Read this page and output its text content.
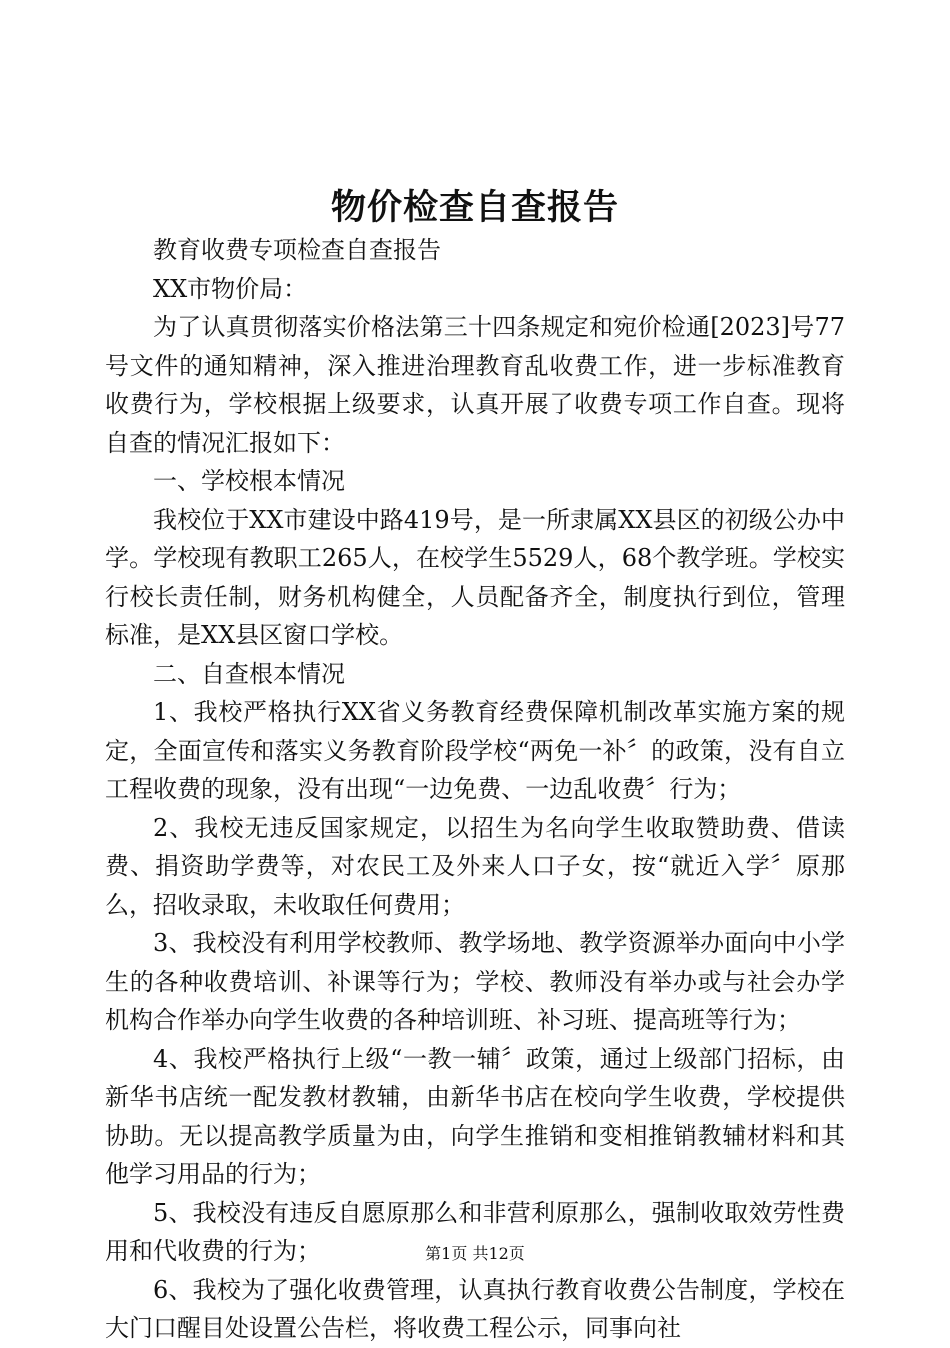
物价检查自查报告

教育收费专项检查自查报告

XX市物价局：

为了认真贯彻落实价格法第三十四条规定和宛价检通[2023]号77号文件的通知精神，深入推进治理教育乱收费工作，进一步标准教育收费行为，学校根据上级要求，认真开展了收费专项工作自查。现将自查的情况汇报如下：

一、学校根本情况

我校位于XX市建设中路419号，是一所隶属XX县区的初级公办中学。学校现有教职工265人，在校学生5529人，68个教学班。学校实行校长责任制，财务机构健全，人员配备齐全，制度执行到位，管理标准，是XX县区窗口学校。

二、自查根本情况

1、我校严格执行XX省义务教育经费保障机制改革实施方案的规定，全面宣传和落实义务教育阶段学校“两免一补〞的政策，没有自立工程收费的现象，没有出现“一边免费、一边乱收费〞行为；

2、我校无违反国家规定，以招生为名向学生收取赞助费、借读费、捐资助学费等，对农民工及外来人口子女，按“就近入学〞原那么，招收录取，未收取任何费用；

3、我校没有利用学校教师、教学场地、教学资源举办面向中小学生的各种收费培训、补课等行为；学校、教师没有举办或与社会办学机构合作举办向学生收费的各种培训班、补习班、提高班等行为；

4、我校严格执行上级“一教一辅〞政策，通过上级部门招标，由新华书店统一配发教材教辅，由新华书店在校向学生收费，学校提供协助。无以提高教学质量为由，向学生推销和变相推销教辅材料和其他学习用品的行为；

5、我校没有违反自愿原那么和非营利原那么，强制收取效劳性费用和代收费的行为；

6、我校为了强化收费管理，认真执行教育收费公告制度，学校在大门口醒目处设置公告栏，将收费工程公示，同事向社

第1页 共12页
